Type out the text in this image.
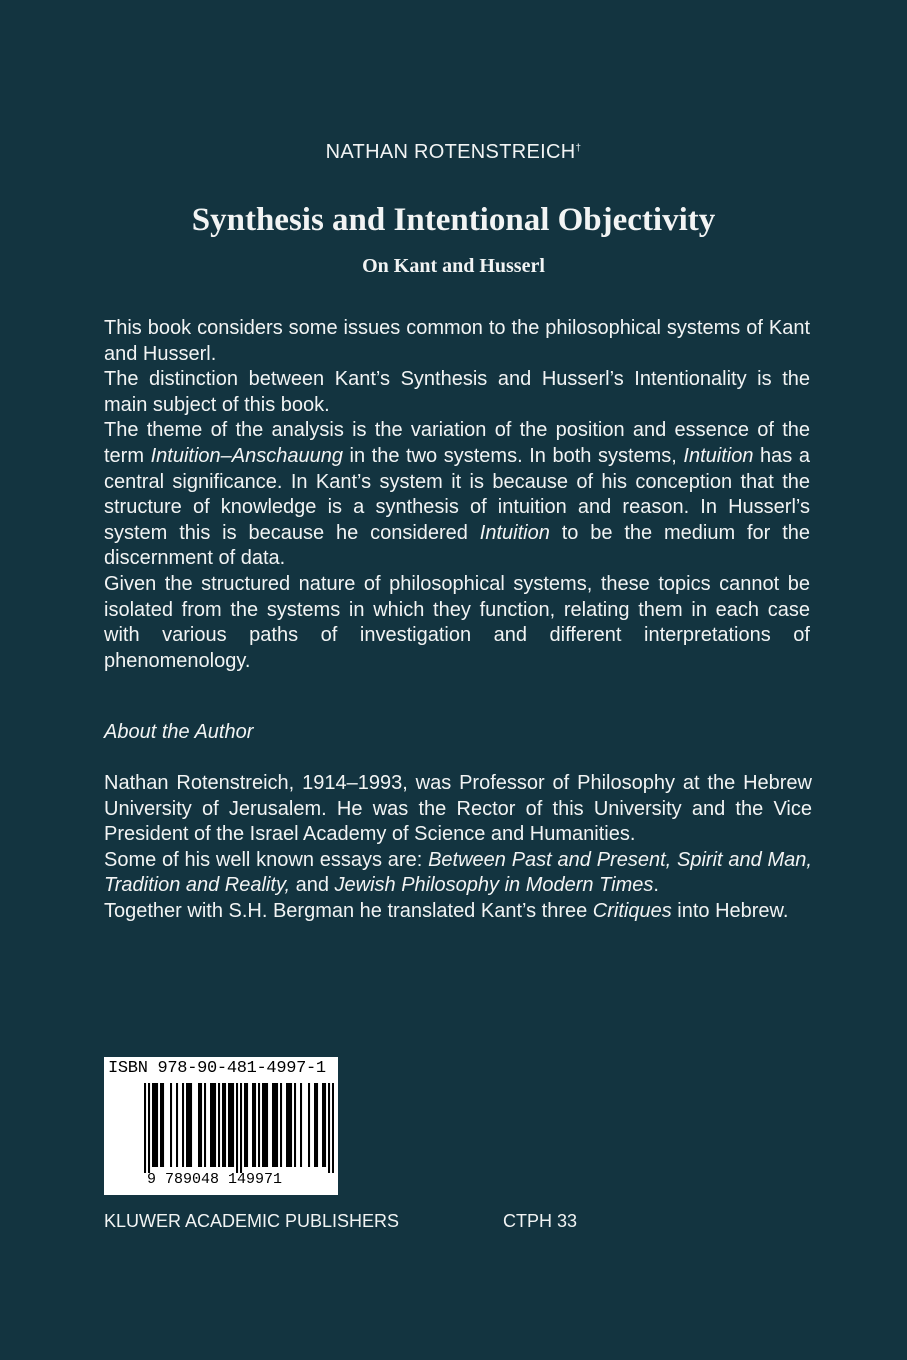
NATHAN ROTENSTREICH†
Synthesis and Intentional Objectivity
On Kant and Husserl

This book considers some issues common to the philosophical systems of Kant and Husserl.

The distinction between Kant’s Synthesis and Husserl’s Intentionality is the main subject of this book.

The theme of the analysis is the variation of the position and essence of the term Intuition–Anschauung in the two systems. In both systems, Intuition has a central significance. In Kant’s system it is because of his conception that the structure of knowledge is a synthesis of intuition and reason. In Husserl’s system this is because he considered Intuition to be the medium for the discernment of data.

Given the structured nature of philosophical systems, these topics cannot be isolated from the systems in which they function, relating them in each case with various paths of investigation and different interpretations of phenomenology.

About the Author

Nathan Rotenstreich, 1914–1993, was Professor of Philosophy at the Hebrew University of Jerusalem. He was the Rector of this University and the Vice President of the Israel Academy of Science and Humanities.

Some of his well known essays are: Between Past and Present, Spirit and Man, Tradition and Reality, and Jewish Philosophy in Modern Times.

Together with S.H. Bergman he translated Kant’s three Critiques into Hebrew.

ISBN 978-90-481-4997-1
9 789048 149971
KLUWER ACADEMIC PUBLISHERS	CTPH 33
